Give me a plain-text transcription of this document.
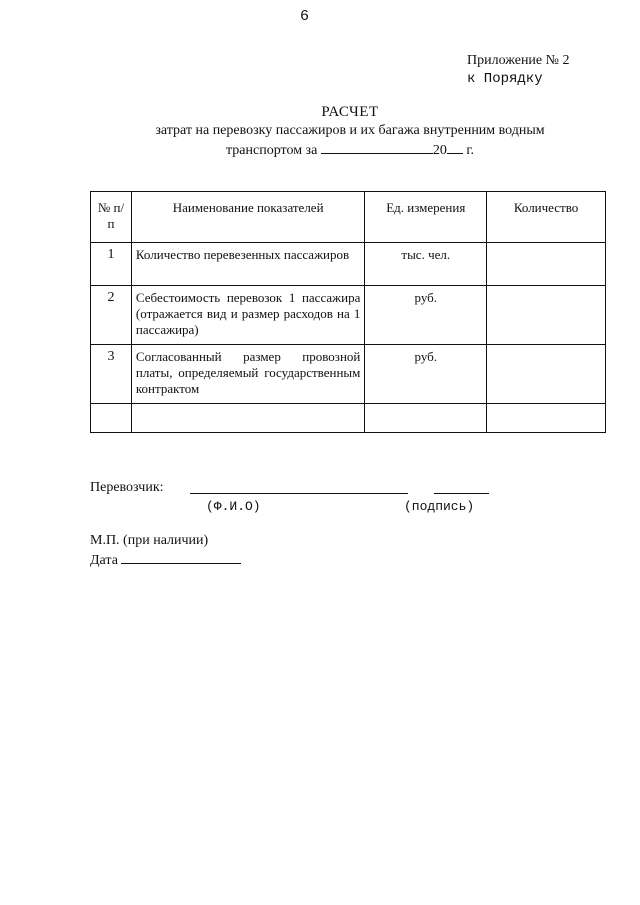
6
Приложение № 2
к Порядку
РАСЧЕТ
затрат на перевозку пассажиров и их багажа внутренним водным
транспортом за	20 г.
№ п/п	Наименование показателей	Ед. измерения	Количество
1	Количество перевезенных пассажиров	тыс. чел.	
2	Себестоимость перевозок 1 пассажира (отражается вид и размер расходов на 1 пассажира)	руб.	
3	Согласованный размер провозной платы, определяемый государственным контрактом	руб.	

Перевозчик:
(Ф.И.О)	(подпись)
М.П. (при наличии)
Дата
